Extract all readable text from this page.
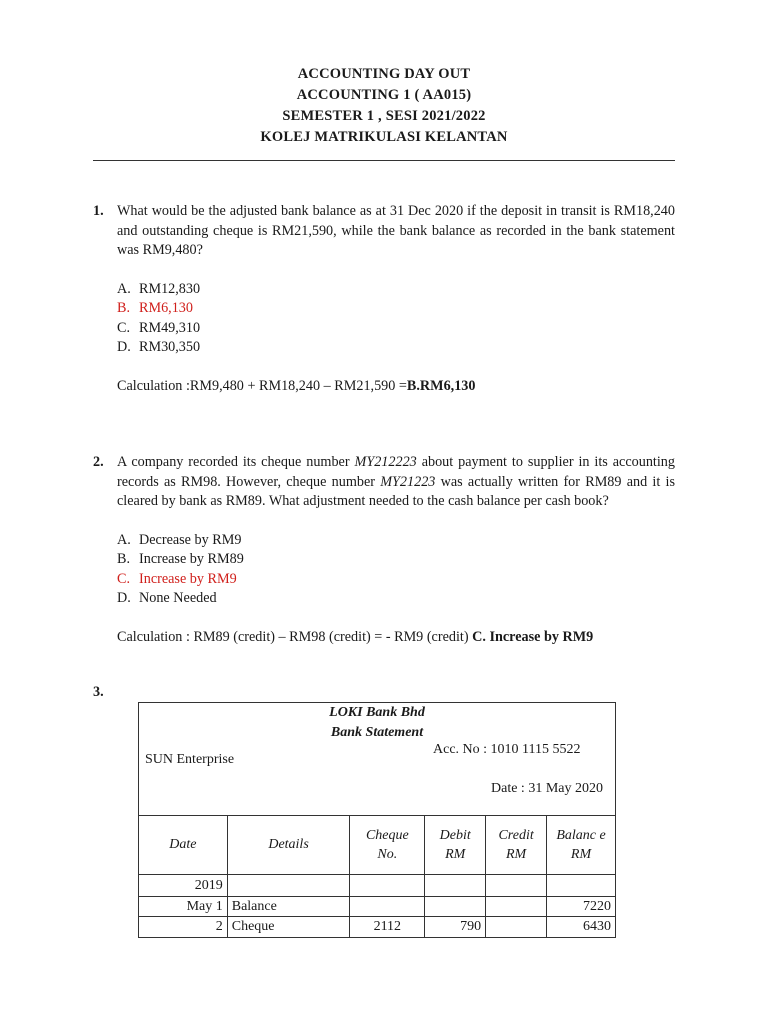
ACCOUNTING DAY OUT
ACCOUNTING 1 ( AA015)
SEMESTER 1 , SESI 2021/2022
KOLEJ MATRIKULASI KELANTAN
1. What would be the adjusted bank balance as at 31 Dec 2020 if the deposit in transit is RM18,240 and outstanding cheque is RM21,590, while the bank balance as recorded in the bank statement was RM9,480?
A. RM12,830
B. RM6,130
C. RM49,310
D. RM30,350
Calculation :RM9,480 + RM18,240 – RM21,590 =B.RM6,130
2. A company recorded its cheque number MY212223 about payment to supplier in its accounting records as RM98. However, cheque number MY21223 was actually written for RM89 and it is cleared by bank as RM89. What adjustment needed to the cash balance per cash book?
A. Decrease by RM9
B. Increase by RM89
C. Increase by RM9
D. None Needed
Calculation : RM89 (credit) – RM98 (credit) = - RM9 (credit) C. Increase by RM9
3.
LOKI Bank Bhd
Bank Statement
SUN Enterprise
Acc. No : 1010 1115 5522
Date : 31 May 2020					

Date	Details	Cheque No.	Debit RM	Credit RM	Balanc e RM
2019					
May 1	Balance				7220
2	Cheque	2112	790		6430
